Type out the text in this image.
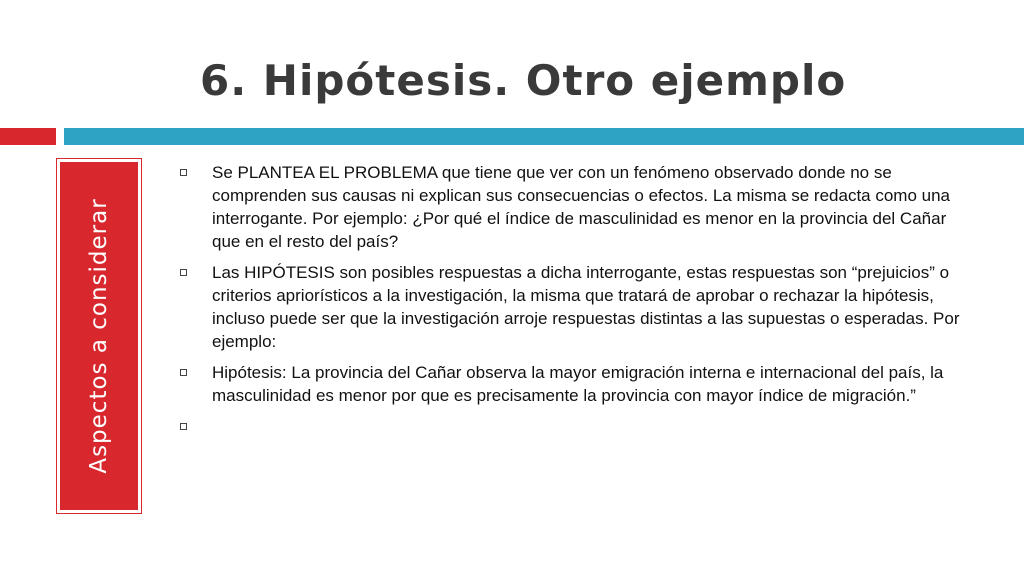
6. Hipótesis. Otro ejemplo
Aspectos a considerar
Se PLANTEA EL PROBLEMA que tiene que ver con un fenómeno observado donde no se comprenden sus causas ni explican sus consecuencias o efectos. La misma se redacta como una interrogante. Por ejemplo: ¿Por qué el índice de masculinidad es menor en la provincia del Cañar que en el resto del país?
Las HIPÓTESIS son posibles respuestas a dicha interrogante, estas respuestas son “prejuicios” o criterios apriorísticos a la investigación, la misma que tratará de aprobar o rechazar la hipótesis, incluso puede ser que la investigación arroje respuestas distintas a las supuestas o esperadas. Por ejemplo:
Hipótesis: La provincia del Cañar observa la mayor emigración interna e internacional del país, la masculinidad es menor por que es precisamente la provincia con mayor índice de migración.”
